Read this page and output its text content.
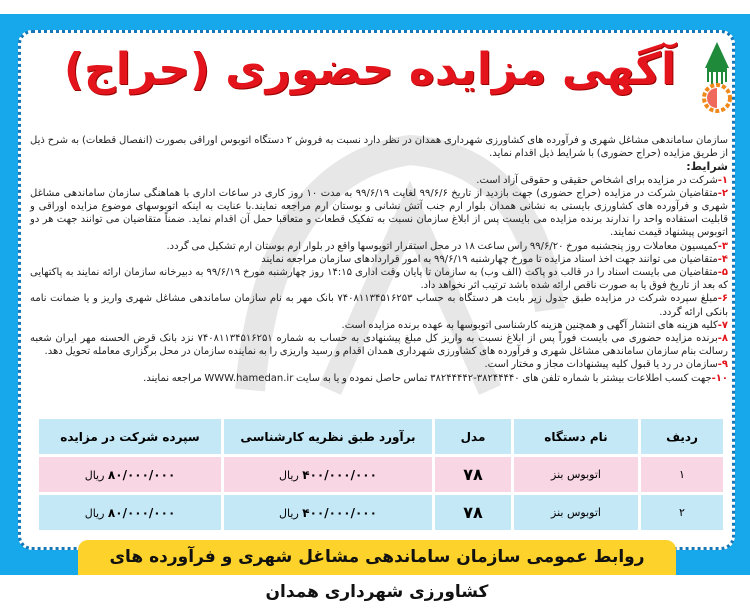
آگهی مزایده حضوری (حراج)
سازمان ساماندهی مشاغل شهری و فرآورده های کشاورزی شهرداری همدان در نظر دارد نسبت به فروش ۲ دستگاه اتوبوس اوراقی بصورت (انفصال قطعات) به شرح ذیل از طریق مزایده (حراج حضوری) با شرایط ذیل اقدام نماید.
شرایط:
۱-شرکت در مزایده برای اشخاص حقیقی و حقوقی آزاد است.
۲-متقاضیان شرکت در مزایده (حراج حضوری) جهت بازدید از تاریخ ۹۹/۶/۶ لغایت ۹۹/۶/۱۹ به مدت ۱۰ روز کاری در ساعات اداری با هماهنگی سازمان ساماندهی مشاغل شهری و فرآورده های کشاورزی بایستی به نشانی همدان بلوار ارم جنب آتش نشانی و بوستان ارم مراجعه نمایند.با عنایت به اینکه اتوبوسهای موضوع مزایده اوراقی و قابلیت استفاده واحد را ندارند برنده مزایده می بایست پس از ابلاغ سازمان نسبت به تفکیک قطعات و متعاقبا حمل آن اقدام نماید. ضمناً متقاضیان می توانند جهت هر دو اتوبوس پیشنهاد قیمت نمایند.
۳-کمیسیون معاملات روز پنجشنبه مورخ ۹۹/۶/۲۰ راس ساعت ۱۸ در محل استقرار اتوبوسها واقع در بلوار ارم بوستان ارم تشکیل می گردد.
۴-متقاضیان می توانند جهت اخذ اسناد مزایده تا مورخ چهارشنبه ۹۹/۶/۱۹ به امور قراردادهای سازمان مراجعه نمایند
۵-متقاضیان می بایست اسناد را در قالب دو پاکت (الف وب) به سازمان تا پایان وقت اداری ۱۴:۱۵ روز چهارشنبه مورخ ۹۹/۶/۱۹ به دبیرخانه سازمان ارائه نمایند به پاکتهایی که بعد از تاریخ فوق یا به صورت ناقص ارائه شده باشد ترتیب اثر نخواهد داد.
۶-مبلغ سپرده شرکت در مزایده طبق جدول زیر بابت هر دستگاه به حساب ۷۴۰۸۱۱۳۴۵۱۶۲۵۳ بانک مهر به نام سازمان ساماندهی مشاغل شهری واریز و یا ضمانت نامه بانکی ارائه گردد.
۷-کلیه هزینه های انتشار آگهی و همچنین هزینه کارشناسی اتوبوسها به عهده برنده مزایده است.
۸-برنده مزایده حضوری می بایست فوراً پس از ابلاغ نسبت به واریز کل مبلغ پیشنهادی به حساب به شماره ۷۴۰۸۱۱۳۴۵۱۶۲۵۱ نزد بانک قرض الحسنه مهر ایران شعبه رسالت بنام سازمان ساماندهی مشاغل شهری و فرآورده های کشاورزی شهرداری همدان اقدام و رسید واریزی را به نماینده سازمان در محل برگزاری معامله تحویل دهد.
۹-سازمان در رد یا قبول کلیه پیشنهادات مجاز و مختار است.
۱۰-جهت کسب اطلاعات بیشتر با شماره تلفن های ۳۸۲۴۴۴۴۰-۳۸۲۴۴۴۴۲ تماس حاصل نموده و یا به سایت WWW.hamedan.ir مراجعه نمایند.
ردیف	نام دستگاه	مدل	برآورد طبق نظریه کارشناسی	سپرده شرکت در مزایده
۱	اتوبوس بنز	۷۸	۴۰۰/۰۰۰/۰۰۰ ریال	۸۰/۰۰۰/۰۰۰ ریال
۲	اتوبوس بنز	۷۸	۴۰۰/۰۰۰/۰۰۰ ریال	۸۰/۰۰۰/۰۰۰ ریال
روابط عمومی سازمان ساماندهی مشاغل شهری و فرآورده های کشاورزی شهرداری همدان
